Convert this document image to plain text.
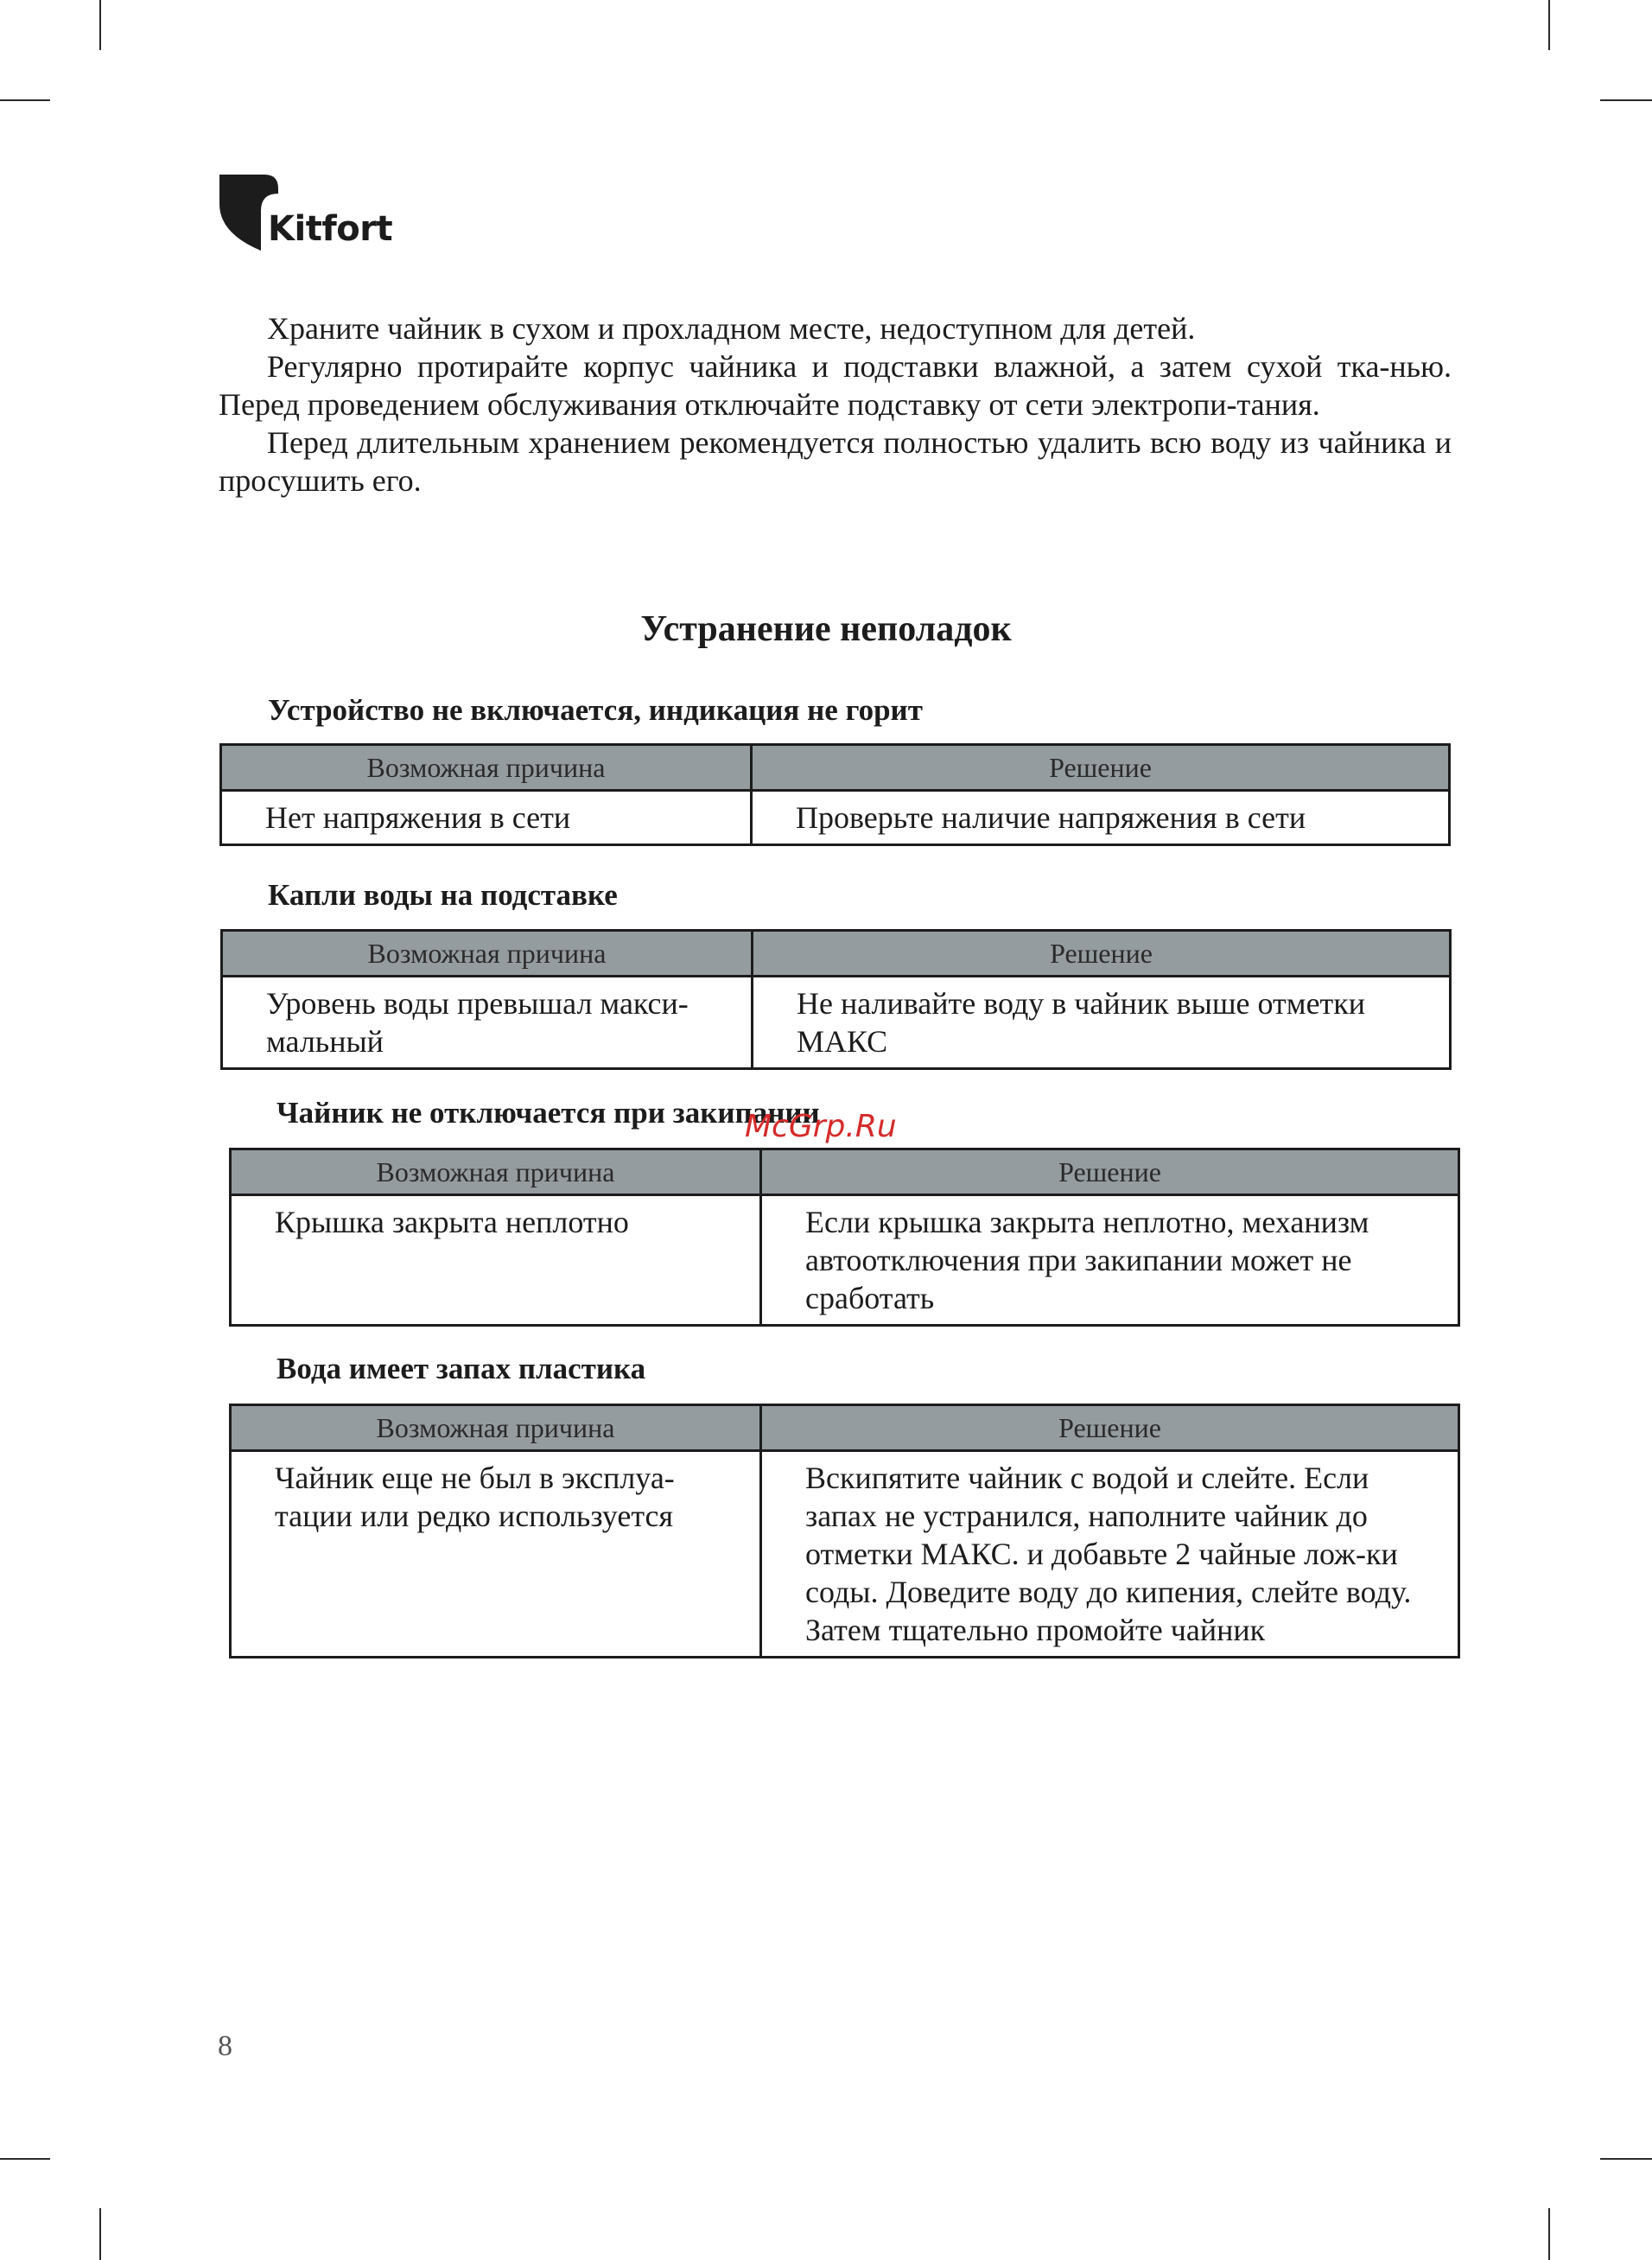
Kitfort

Храните чайник в сухом и прохладном месте, недоступном для детей.

Регулярно протирайте корпус чайника и подставки влажной, а затем сухой тка-нью. Перед проведением обслуживания отключайте подставку от сети электропи-тания.

Перед длительным хранением рекомендуется полностью удалить всю воду из чайника и просушить его.

Устранение неполадок
Устройство не включается, индикация не горит
Возможная причина	Решение
Нет напряжения в сети	Проверьте наличие напряжения в сети
Капли воды на подставке
Возможная причина	Решение
Уровень воды превышал макси-мальный	Не наливайте воду в чайник выше отметки МАКС
Чайник не отключается при закипании
Возможная причина	Решение
Крышка закрыта неплотно	Если крышка закрыта неплотно, механизм автоотключения при закипании может не сработать
Вода имеет запах пластика
Возможная причина	Решение
Чайник еще не был в эксплуа-тации или редко используется	Вскипятите чайник с водой и слейте. Если запах не устранился, наполните чайник до отметки МАКС. и добавьте 2 чайные лож-ки соды. Доведите воду до кипения, слейте воду. Затем тщательно промойте чайник
McGrp.Ru
8
